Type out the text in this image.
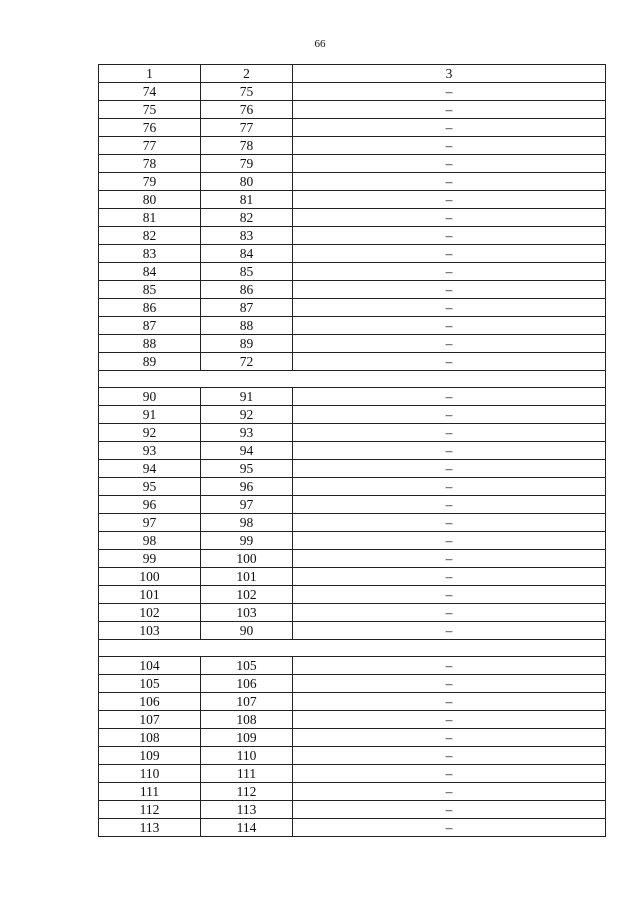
66
1	2	3
74	75	–
75	76	–
76	77	–
77	78	–
78	79	–
79	80	–
80	81	–
81	82	–
82	83	–
83	84	–
84	85	–
85	86	–
86	87	–
87	88	–
88	89	–
89	72	–

90	91	–
91	92	–
92	93	–
93	94	–
94	95	–
95	96	–
96	97	–
97	98	–
98	99	–
99	100	–
100	101	–
101	102	–
102	103	–
103	90	–

104	105	–
105	106	–
106	107	–
107	108	–
108	109	–
109	110	–
110	111	–
111	112	–
112	113	–
113	114	–
